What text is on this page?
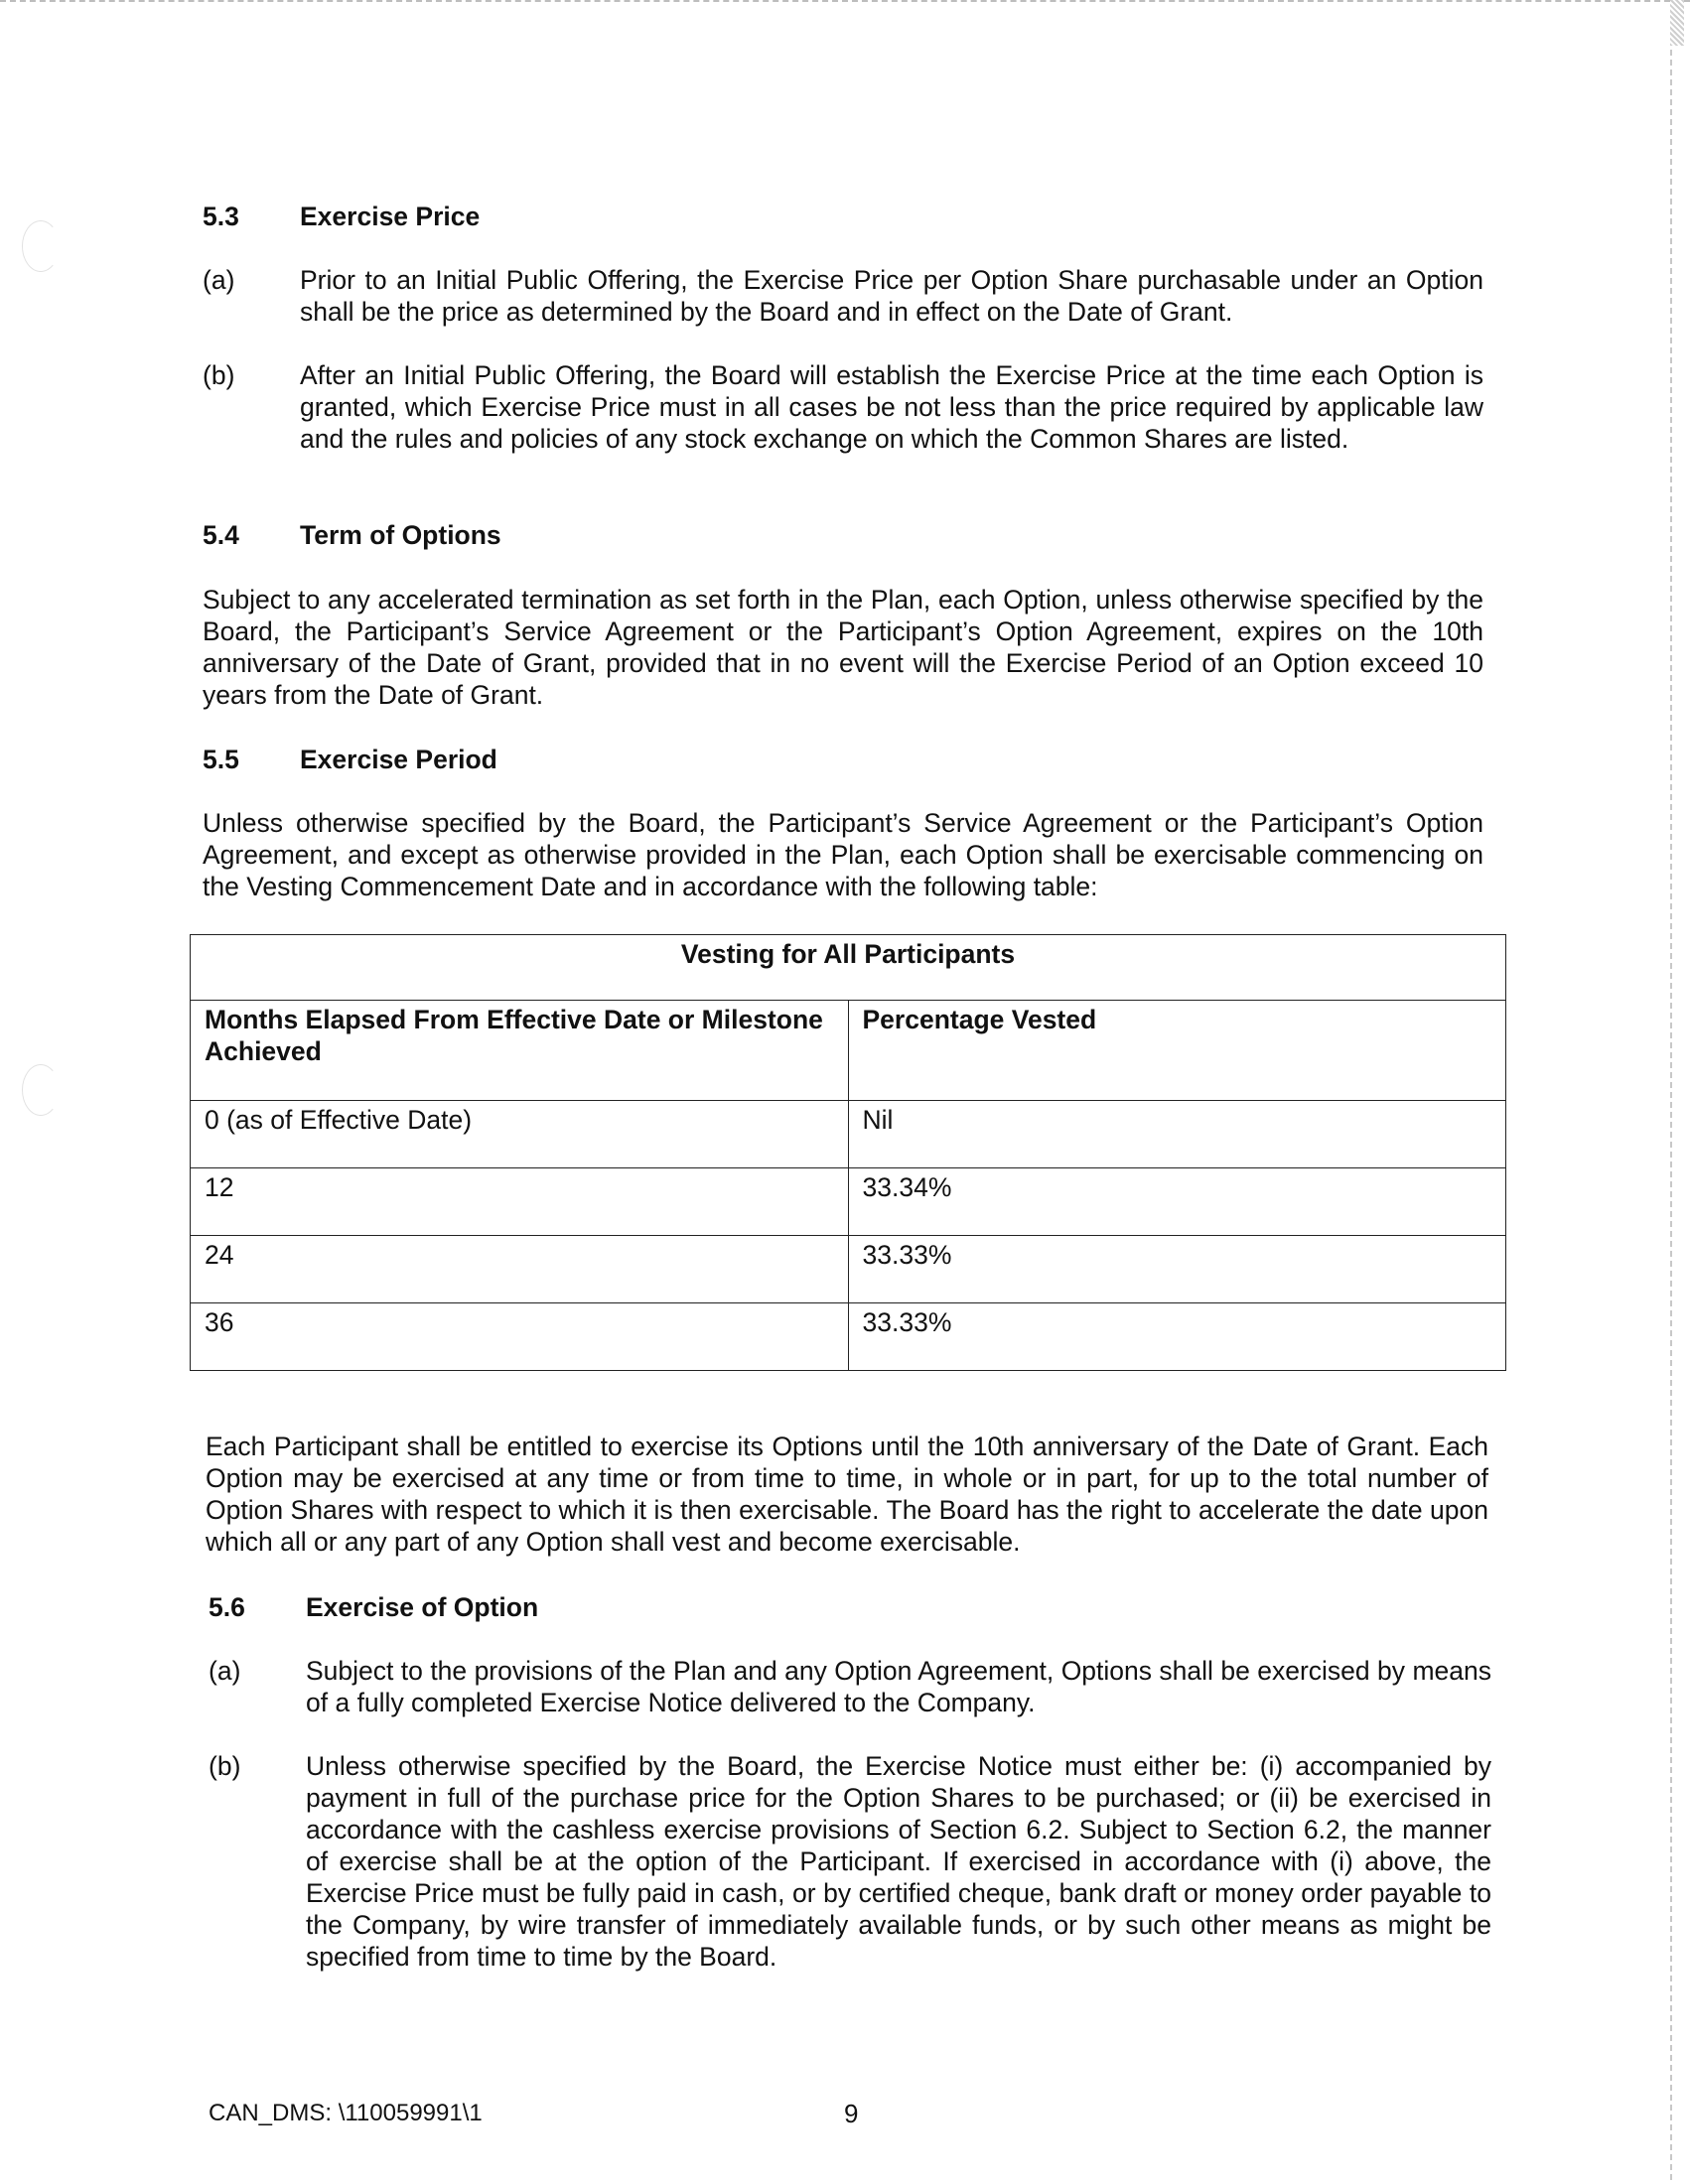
5.3 Exercise Price
(a) Prior to an Initial Public Offering, the Exercise Price per Option Share purchasable under an Option shall be the price as determined by the Board and in effect on the Date of Grant.
(b) After an Initial Public Offering, the Board will establish the Exercise Price at the time each Option is granted, which Exercise Price must in all cases be not less than the price required by applicable law and the rules and policies of any stock exchange on which the Common Shares are listed.
5.4 Term of Options

Subject to any accelerated termination as set forth in the Plan, each Option, unless otherwise specified by the Board, the Participant’s Service Agreement or the Participant’s Option Agreement, expires on the 10th anniversary of the Date of Grant, provided that in no event will the Exercise Period of an Option exceed 10 years from the Date of Grant.

5.5 Exercise Period

Unless otherwise specified by the Board, the Participant’s Service Agreement or the Participant’s Option Agreement, and except as otherwise provided in the Plan, each Option shall be exercisable commencing on the Vesting Commencement Date and in accordance with the following table:

Vesting for All Participants	
Months Elapsed From Effective Date or Milestone Achieved	Percentage Vested
0 (as of Effective Date)	Nil
12	33.34%
24	33.33%
36	33.33%

Each Participant shall be entitled to exercise its Options until the 10th anniversary of the Date of Grant. Each Option may be exercised at any time or from time to time, in whole or in part, for up to the total number of Option Shares with respect to which it is then exercisable. The Board has the right to accelerate the date upon which all or any part of any Option shall vest and become exercisable.

5.6 Exercise of Option
(a) Subject to the provisions of the Plan and any Option Agreement, Options shall be exercised by means of a fully completed Exercise Notice delivered to the Company.
(b) Unless otherwise specified by the Board, the Exercise Notice must either be: (i) accompanied by payment in full of the purchase price for the Option Shares to be purchased; or (ii) be exercised in accordance with the cashless exercise provisions of Section 6.2. Subject to Section 6.2, the manner of exercise shall be at the option of the Participant. If exercised in accordance with (i) above, the Exercise Price must be fully paid in cash, or by certified cheque, bank draft or money order payable to the Company, by wire transfer of immediately available funds, or by such other means as might be specified from time to time by the Board.
CAN_DMS: \110059991\1	9
